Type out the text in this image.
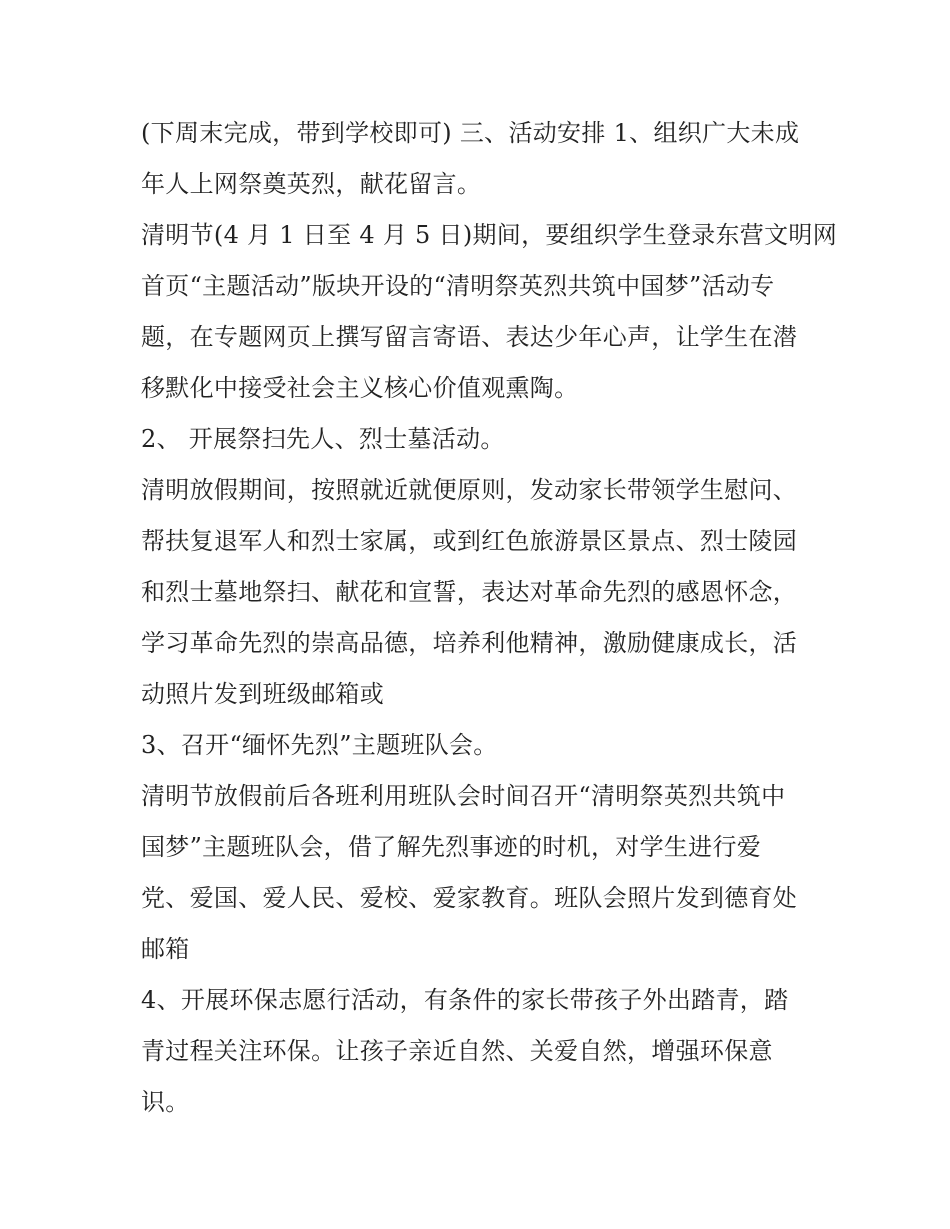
(下周末完成，带到学校即可) 三、活动安排 1、组织广大未成
年人上网祭奠英烈，献花留言。
清明节(4 月 1 日至 4 月 5 日)期间，要组织学生登录东营文明网
首页“主题活动”版块开设的“清明祭英烈共筑中国梦”活动专
题，在专题网页上撰写留言寄语、表达少年心声，让学生在潜
移默化中接受社会主义核心价值观熏陶。
2、 开展祭扫先人、烈士墓活动。
清明放假期间，按照就近就便原则，发动家长带领学生慰问、
帮扶复退军人和烈士家属，或到红色旅游景区景点、烈士陵园
和烈士墓地祭扫、献花和宣誓，表达对革命先烈的感恩怀念，
学习革命先烈的崇高品德，培养利他精神，激励健康成长，活
动照片发到班级邮箱或
3、召开“缅怀先烈”主题班队会。
清明节放假前后各班利用班队会时间召开“清明祭英烈共筑中
国梦”主题班队会，借了解先烈事迹的时机，对学生进行爱
党、爱国、爱人民、爱校、爱家教育。班队会照片发到德育处
邮箱
4、开展环保志愿行活动，有条件的家长带孩子外出踏青，踏
青过程关注环保。让孩子亲近自然、关爱自然，增强环保意
识。
